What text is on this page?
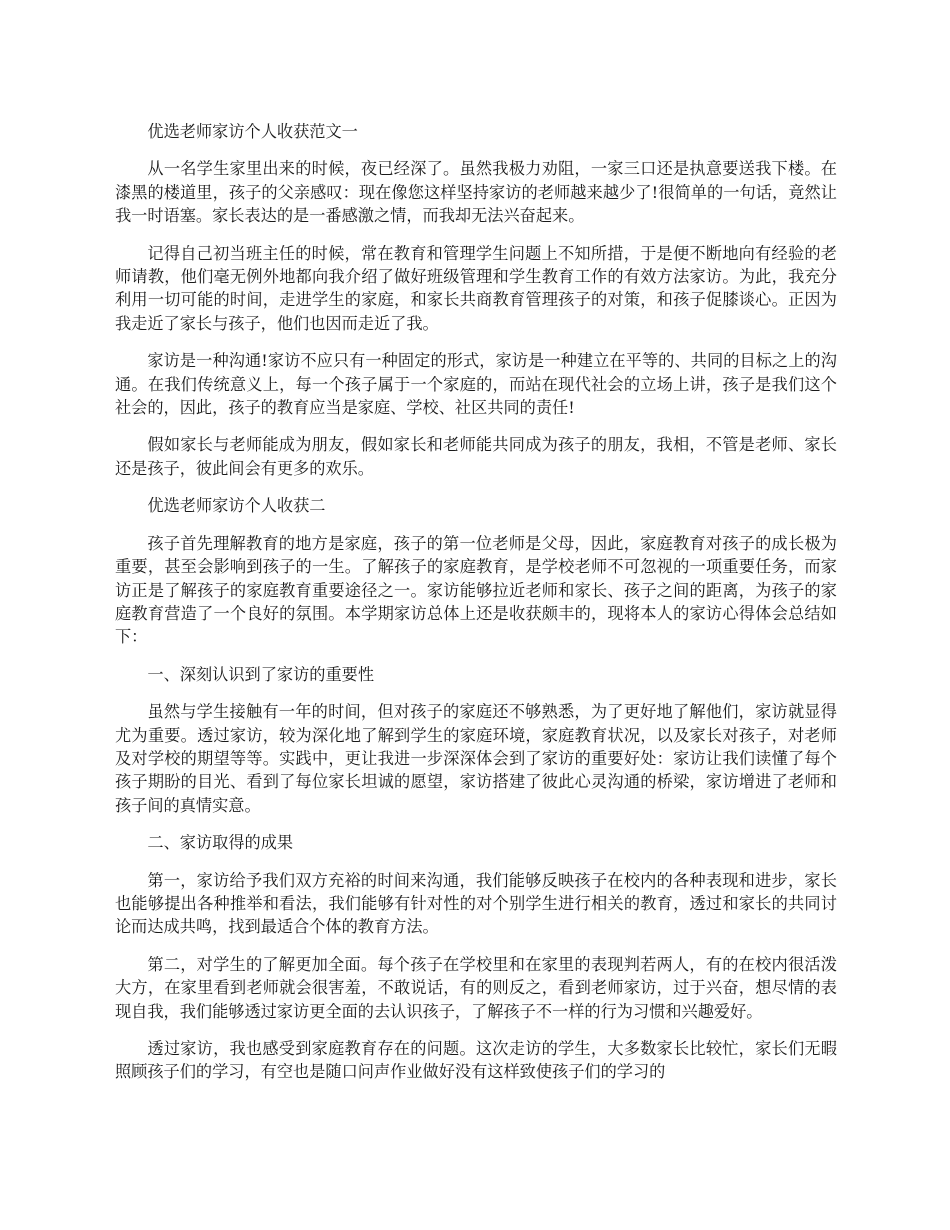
优选老师家访个人收获范文一

从一名学生家里出来的时候，夜已经深了。虽然我极力劝阻，一家三口还是执意要送我下楼。在漆黑的楼道里，孩子的父亲感叹：现在像您这样坚持家访的老师越来越少了!很简单的一句话，竟然让我一时语塞。家长表达的是一番感激之情，而我却无法兴奋起来。

记得自己初当班主任的时候，常在教育和管理学生问题上不知所措，于是便不断地向有经验的老师请教，他们毫无例外地都向我介绍了做好班级管理和学生教育工作的有效方法家访。为此，我充分利用一切可能的时间，走进学生的家庭，和家长共商教育管理孩子的对策，和孩子促膝谈心。正因为我走近了家长与孩子，他们也因而走近了我。

家访是一种沟通!家访不应只有一种固定的形式，家访是一种建立在平等的、共同的目标之上的沟通。在我们传统意义上，每一个孩子属于一个家庭的，而站在现代社会的立场上讲，孩子是我们这个社会的，因此，孩子的教育应当是家庭、学校、社区共同的责任!

假如家长与老师能成为朋友，假如家长和老师能共同成为孩子的朋友，我相，不管是老师、家长还是孩子，彼此间会有更多的欢乐。

优选老师家访个人收获二

孩子首先理解教育的地方是家庭，孩子的第一位老师是父母，因此，家庭教育对孩子的成长极为重要，甚至会影响到孩子的一生。了解孩子的家庭教育，是学校老师不可忽视的一项重要任务，而家访正是了解孩子的家庭教育重要途径之一。家访能够拉近老师和家长、孩子之间的距离，为孩子的家庭教育营造了一个良好的氛围。本学期家访总体上还是收获颇丰的，现将本人的家访心得体会总结如下：

一、深刻认识到了家访的重要性

虽然与学生接触有一年的时间，但对孩子的家庭还不够熟悉，为了更好地了解他们，家访就显得尤为重要。透过家访，较为深化地了解到学生的家庭环境，家庭教育状况，以及家长对孩子，对老师及对学校的期望等等。实践中，更让我进一步深深体会到了家访的重要好处：家访让我们读懂了每个孩子期盼的目光、看到了每位家长坦诚的愿望，家访搭建了彼此心灵沟通的桥梁，家访增进了老师和孩子间的真情实意。

二、家访取得的成果

第一，家访给予我们双方充裕的时间来沟通，我们能够反映孩子在校内的各种表现和进步，家长也能够提出各种推举和看法，我们能够有针对性的对个别学生进行相关的教育，透过和家长的共同讨论而达成共鸣，找到最适合个体的教育方法。

第二，对学生的了解更加全面。每个孩子在学校里和在家里的表现判若两人，有的在校内很活泼大方，在家里看到老师就会很害羞，不敢说话，有的则反之，看到老师家访，过于兴奋，想尽情的表现自我，我们能够透过家访更全面的去认识孩子，了解孩子不一样的行为习惯和兴趣爱好。

透过家访，我也感受到家庭教育存在的问题。这次走访的学生，大多数家长比较忙，家长们无暇照顾孩子们的学习，有空也是随口问声作业做好没有这样致使孩子们的学习的
